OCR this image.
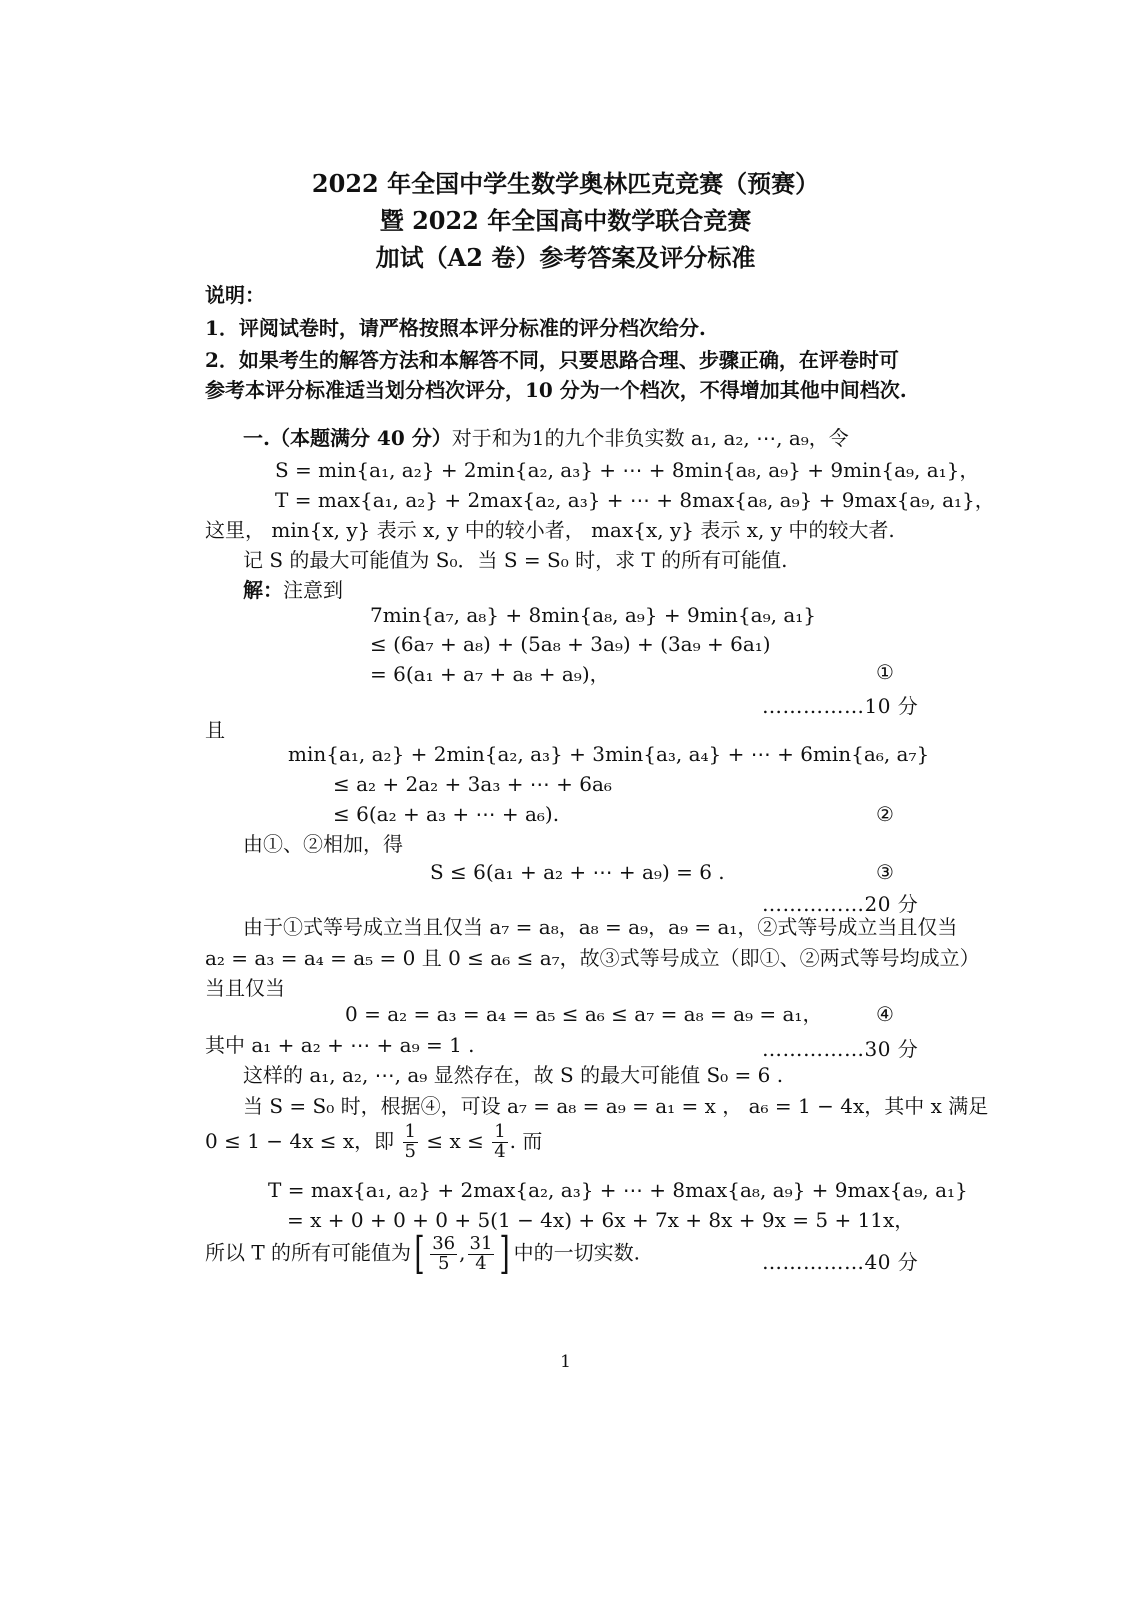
2022 年全国中学生数学奥林匹克竞赛（预赛）
暨 2022 年全国高中数学联合竞赛
加试（A2 卷）参考答案及评分标准
说明：
1．评阅试卷时，请严格按照本评分标准的评分档次给分.
2．如果考生的解答方法和本解答不同，只要思路合理、步骤正确，在评卷时可
参考本评分标准适当划分档次评分，10 分为一个档次，不得增加其他中间档次.
一.（本题满分 40 分）对于和为1的九个非负实数 a₁, a₂, ⋯, a₉，令
S = min{a₁, a₂} + 2min{a₂, a₃} + ⋯ + 8min{a₈, a₉} + 9min{a₉, a₁}，
T = max{a₁, a₂} + 2max{a₂, a₃} + ⋯ + 8max{a₈, a₉} + 9max{a₉, a₁}，
这里， min{x, y} 表示 x, y 中的较小者， max{x, y} 表示 x, y 中的较大者.
记 S 的最大可能值为 S₀．当 S = S₀ 时，求 T 的所有可能值.
解：注意到
7min{a₇, a₈} + 8min{a₈, a₉} + 9min{a₉, a₁}
≤ (6a₇ + a₈) + (5a₈ + 3a₉) + (3a₉ + 6a₁)
= 6(a₁ + a₇ + a₈ + a₉)，	①
……………10 分
且
min{a₁, a₂} + 2min{a₂, a₃} + 3min{a₃, a₄} + ⋯ + 6min{a₆, a₇}
≤ a₂ + 2a₂ + 3a₃ + ⋯ + 6a₆
≤ 6(a₂ + a₃ + ⋯ + a₆).	②
由①、②相加，得
S ≤ 6(a₁ + a₂ + ⋯ + a₉) = 6 .	③
……………20 分
由于①式等号成立当且仅当 a₇ = a₈，a₈ = a₉，a₉ = a₁，②式等号成立当且仅当
a₂ = a₃ = a₄ = a₅ = 0 且 0 ≤ a₆ ≤ a₇，故③式等号成立（即①、②两式等号均成立）
当且仅当
0 = a₂ = a₃ = a₄ = a₅ ≤ a₆ ≤ a₇ = a₈ = a₉ = a₁，	④
其中 a₁ + a₂ + ⋯ + a₉ = 1 .	……………30 分
这样的 a₁, a₂, ⋯, a₉ 显然存在，故 S 的最大可能值 S₀ = 6 .
当 S = S₀ 时，根据④，可设 a₇ = a₈ = a₉ = a₁ = x ， a₆ = 1 − 4x，其中 x 满足
0 ≤ 1 − 4x ≤ x，即 $\frac{1}{5} \le x \le \frac{1}{4}$ . 而
T = max{a₁, a₂} + 2max{a₂, a₃} + ⋯ + 8max{a₈, a₉} + 9max{a₉, a₁}
= x + 0 + 0 + 0 + 5(1 − 4x) + 6x + 7x + 8x + 9x = 5 + 11x，
所以 T 的所有可能值为[ $\frac{36}{5}$ , $\frac{31}{4}$ ] 中的一切实数.	……………40 分
1
